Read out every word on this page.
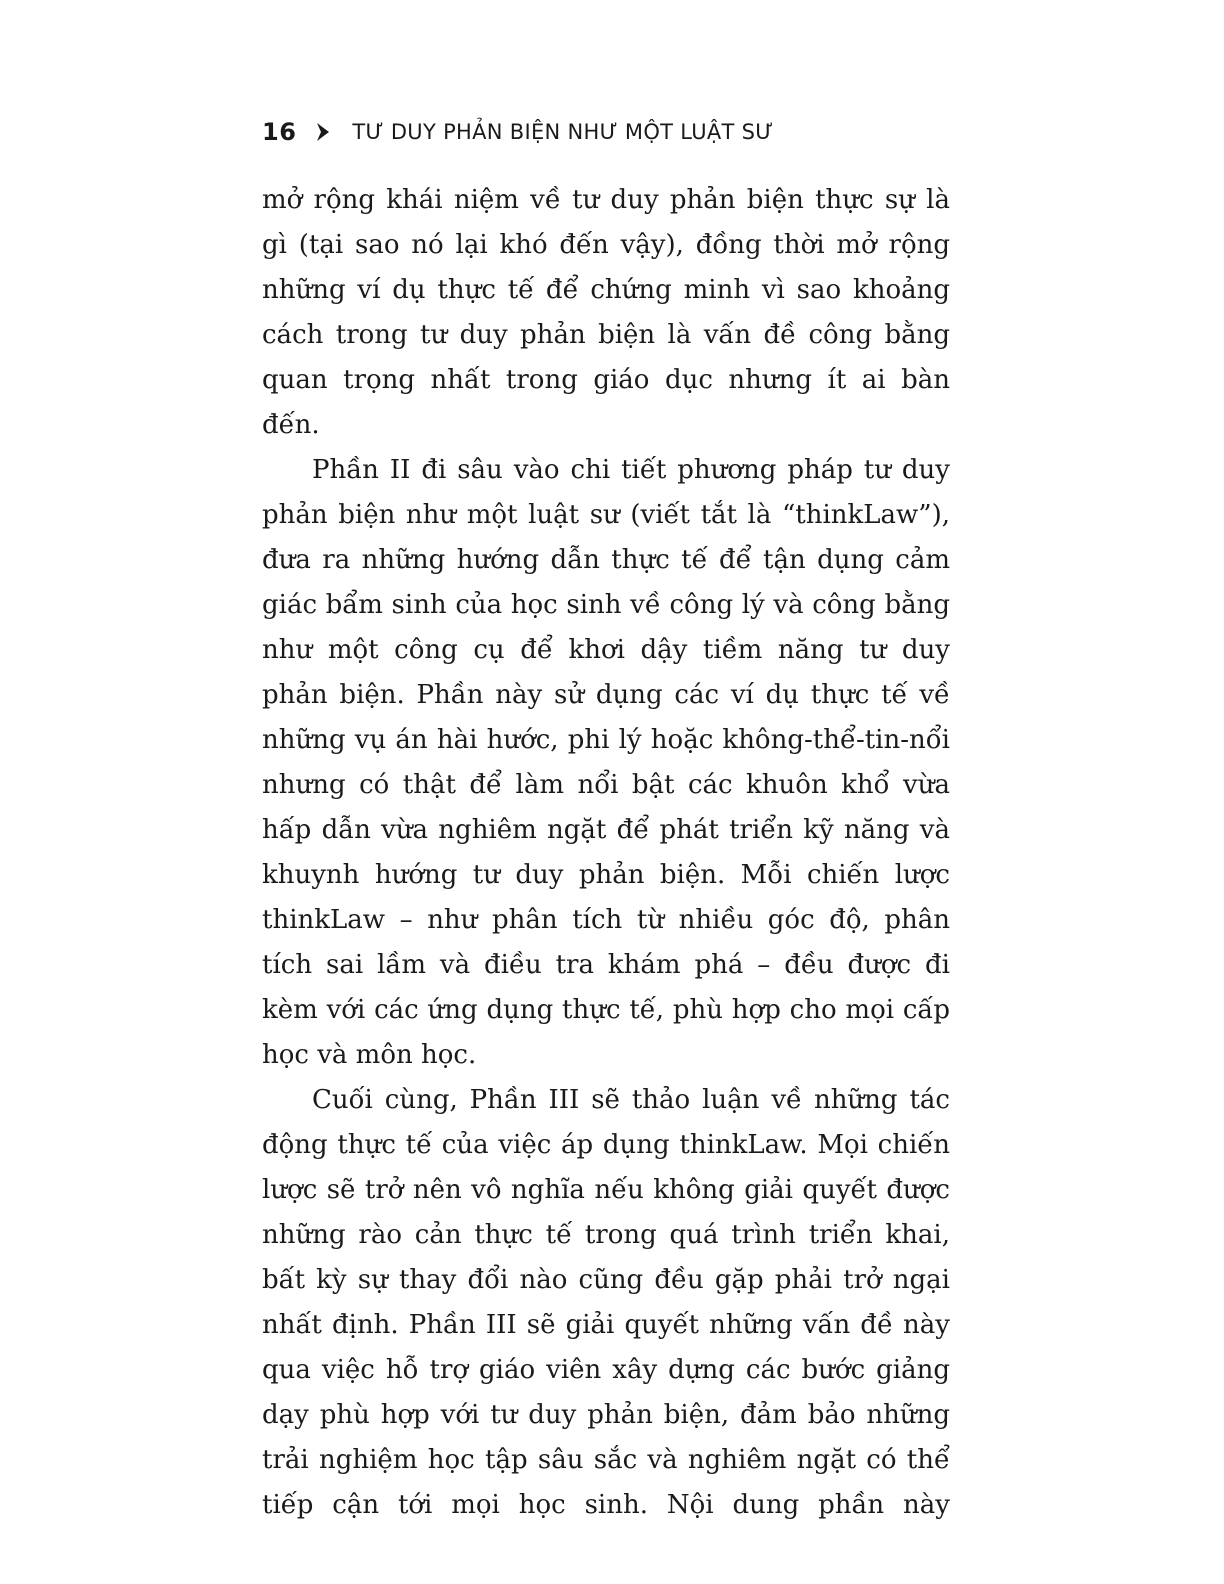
16	TƯ DUY PHẢN BIỆN NHƯ MỘT LUẬT SƯ

mở rộng khái niệm về tư duy phản biện thực sự là gì (tại sao nó lại khó đến vậy), đồng thời mở rộng những ví dụ thực tế để chứng minh vì sao khoảng cách trong tư duy phản biện là vấn đề công bằng quan trọng nhất trong giáo dục nhưng ít ai bàn đến.

Phần II đi sâu vào chi tiết phương pháp tư duy phản biện như một luật sư (viết tắt là “thinkLaw”), đưa ra những hướng dẫn thực tế để tận dụng cảm giác bẩm sinh của học sinh về công lý và công bằng như một công cụ để khơi dậy tiềm năng tư duy phản biện. Phần này sử dụng các ví dụ thực tế về những vụ án hài hước, phi lý hoặc không-thể-tin-nổi nhưng có thật để làm nổi bật các khuôn khổ vừa hấp dẫn vừa nghiêm ngặt để phát triển kỹ năng và khuynh hướng tư duy phản biện. Mỗi chiến lược thinkLaw – như phân tích từ nhiều góc độ, phân tích sai lầm và điều tra khám phá – đều được đi kèm với các ứng dụng thực tế, phù hợp cho mọi cấp học và môn học.

Cuối cùng, Phần III sẽ thảo luận về những tác động thực tế của việc áp dụng thinkLaw. Mọi chiến lược sẽ trở nên vô nghĩa nếu không giải quyết được những rào cản thực tế trong quá trình triển khai, bất kỳ sự thay đổi nào cũng đều gặp phải trở ngại nhất định. Phần III sẽ giải quyết những vấn đề này qua việc hỗ trợ giáo viên xây dựng các bước giảng dạy phù hợp với tư duy phản biện, đảm bảo những trải nghiệm học tập sâu sắc và nghiêm ngặt có thể tiếp cận tới mọi học sinh. Nội dung phần này
